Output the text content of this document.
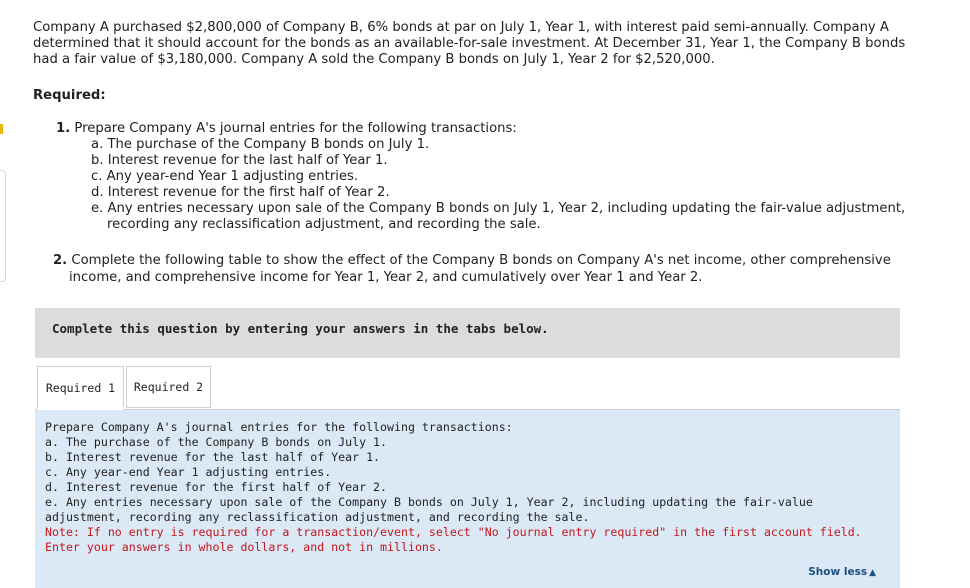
Company A purchased $2,800,000 of Company B, 6% bonds at par on July 1, Year 1, with interest paid semi-annually. Company A determined that it should account for the bonds as an available-for-sale investment. At December 31, Year 1, the Company B bonds had a fair value of $3,180,000. Company A sold the Company B bonds on July 1, Year 2 for $2,520,000.
Required:
1. Prepare Company A's journal entries for the following transactions:
a. The purchase of the Company B bonds on July 1.
b. Interest revenue for the last half of Year 1.
c. Any year-end Year 1 adjusting entries.
d. Interest revenue for the first half of Year 2.
e. Any entries necessary upon sale of the Company B bonds on July 1, Year 2, including updating the fair-value adjustment, recording any reclassification adjustment, and recording the sale.
2. Complete the following table to show the effect of the Company B bonds on Company A's net income, other comprehensive income, and comprehensive income for Year 1, Year 2, and cumulatively over Year 1 and Year 2.
Complete this question by entering your answers in the tabs below.
Required 1	Required 2
Prepare Company A's journal entries for the following transactions:
a. The purchase of the Company B bonds on July 1.
b. Interest revenue for the last half of Year 1.
c. Any year-end Year 1 adjusting entries.
d. Interest revenue for the first half of Year 2.
e. Any entries necessary upon sale of the Company B bonds on July 1, Year 2, including updating the fair-value adjustment, recording any reclassification adjustment, and recording the sale.
Note: If no entry is required for a transaction/event, select "No journal entry required" in the first account field. Enter your answers in whole dollars, and not in millions.
Show less ▲
